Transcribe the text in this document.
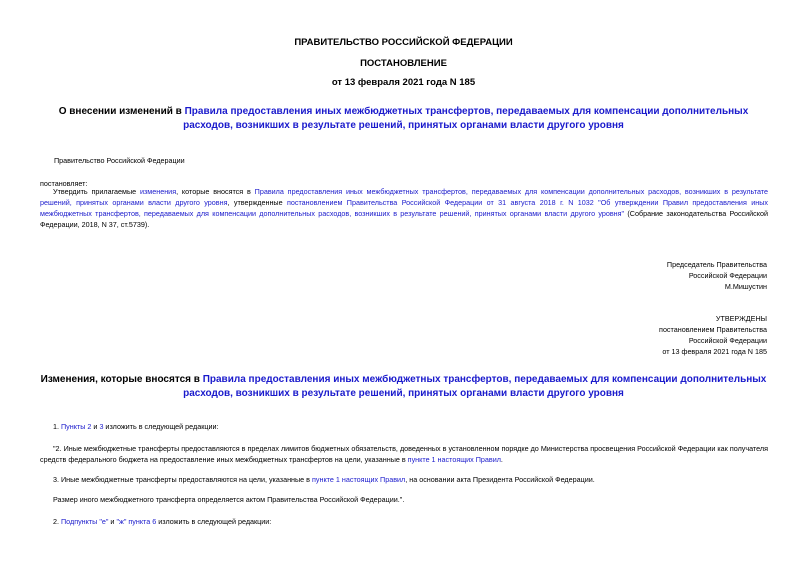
ПРАВИТЕЛЬСТВО РОССИЙСКОЙ ФЕДЕРАЦИИ
ПОСТАНОВЛЕНИЕ
от 13 февраля 2021 года N 185
О внесении изменений в Правила предоставления иных межбюджетных трансфертов, передаваемых для компенсации дополнительных расходов, возникших в результате решений, принятых органами власти другого уровня
Правительство Российской Федерации
постановляет:
Утвердить прилагаемые изменения, которые вносятся в Правила предоставления иных межбюджетных трансфертов, передаваемых для компенсации дополнительных расходов, возникших в результате решений, принятых органами власти другого уровня, утвержденные постановлением Правительства Российской Федерации от 31 августа 2018 г. N 1032 "Об утверждении Правил предоставления иных межбюджетных трансфертов, передаваемых для компенсации дополнительных расходов, возникших в результате решений, принятых органами власти другого уровня" (Собрание законодательства Российской Федерации, 2018, N 37, ст.5739).
Председатель Правительства
Российской Федерации
М.Мишустин
УТВЕРЖДЕНЫ
постановлением Правительства
Российской Федерации
от 13 февраля 2021 года N 185
Изменения, которые вносятся в Правила предоставления иных межбюджетных трансфертов, передаваемых для компенсации дополнительных расходов, возникших в результате решений, принятых органами власти другого уровня
1. Пункты 2 и 3 изложить в следующей редакции:
"2. Иные межбюджетные трансферты предоставляются в пределах лимитов бюджетных обязательств, доведенных в установленном порядке до Министерства просвещения Российской Федерации как получателя средств федерального бюджета на предоставление иных межбюджетных трансфертов на цели, указанные в пункте 1 настоящих Правил.
3. Иные межбюджетные трансферты предоставляются на цели, указанные в пункте 1 настоящих Правил, на основании акта Президента Российской Федерации.
Размер иного межбюджетного трансферта определяется актом Правительства Российской Федерации.".
2. Подпункты "е" и "ж" пункта 6 изложить в следующей редакции:
